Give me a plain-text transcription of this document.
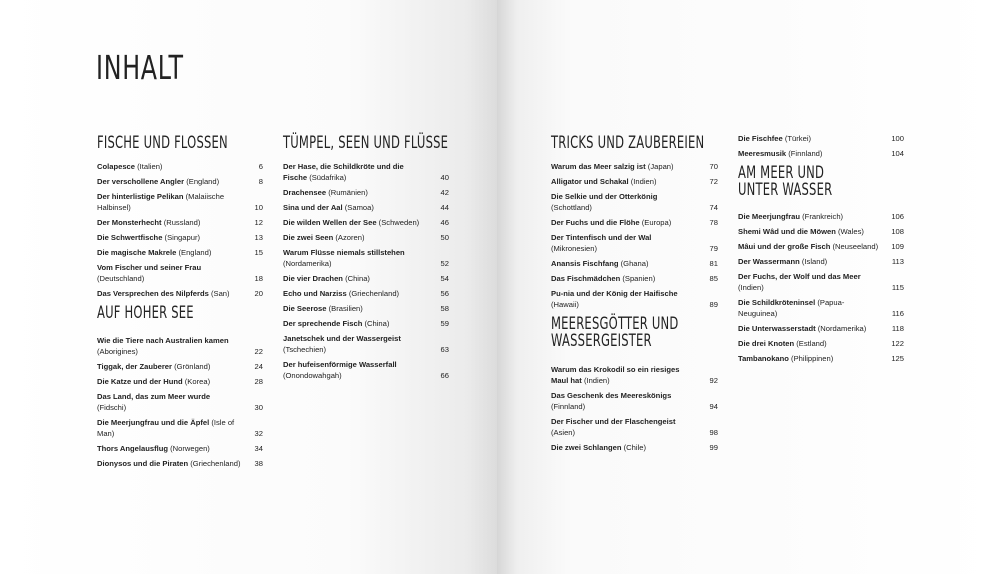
INHALT
FISCHE UND FLOSSEN
Colapesce (Italien)	6
Der verschollene Angler (England)	8
Der hinterlistige Pelikan (Malaiische Halbinsel)	10
Der Monsterhecht (Russland)	12
Die Schwertfische (Singapur)	13
Die magische Makrele (England)	15
Vom Fischer und seiner Frau (Deutschland)	18
Das Versprechen des Nilpferds (San)	20
AUF HOHER SEE
Wie die Tiere nach Australien kamen (Aborigines)	22
Tiggak, der Zauberer (Grönland)	24
Die Katze und der Hund (Korea)	28
Das Land, das zum Meer wurde (Fidschi)	30
Die Meerjungfrau und die Äpfel (Isle of Man)	32
Thors Angelausflug (Norwegen)	34
Dionysos und die Piraten (Griechenland)	38
TÜMPEL, SEEN UND FLÜSSE
Der Hase, die Schildkröte und die Fische (Südafrika)	40
Drachensee (Rumänien)	42
Sina und der Aal (Samoa)	44
Die wilden Wellen der See (Schweden)	46
Die zwei Seen (Azoren)	50
Warum Flüsse niemals stillstehen (Nordamerika)	52
Die vier Drachen (China)	54
Echo und Narziss (Griechenland)	56
Die Seerose (Brasilien)	58
Der sprechende Fisch (China)	59
Janetschek und der Wassergeist (Tschechien)	63
Der hufeisenförmige Wasserfall (Onondowahgah)	66
TRICKS UND ZAUBEREIEN
Warum das Meer salzig ist (Japan)	70
Alligator und Schakal (Indien)	72
Die Selkie und der Otterkönig (Schottland)	74
Der Fuchs und die Flöhe (Europa)	78
Der Tintenfisch und der Wal (Mikronesien)	79
Anansis Fischfang (Ghana)	81
Das Fischmädchen (Spanien)	85
Pu-nia und der König der Haifische (Hawaii)	89
MEERESGÖTTER UND
WASSERGEISTER
Warum das Krokodil so ein riesiges Maul hat (Indien)	92
Das Geschenk des Meereskönigs (Finnland)	94
Der Fischer und der Flaschengeist (Asien)	98
Die zwei Schlangen (Chile)	99
Die Fischfee (Türkei)	100
Meeresmusik (Finnland)	104
AM MEER UND
UNTER WASSER
Die Meerjungfrau (Frankreich)	106
Shemi Wâd und die Möwen (Wales)	108
Mâui und der große Fisch (Neuseeland)	109
Der Wassermann (Island)	113
Der Fuchs, der Wolf und das Meer (Indien)	115
Die Schildkröteninsel (Papua-Neuguinea)	116
Die Unterwasserstadt (Nordamerika)	118
Die drei Knoten (Estland)	122
Tambanokano (Philippinen)	125
